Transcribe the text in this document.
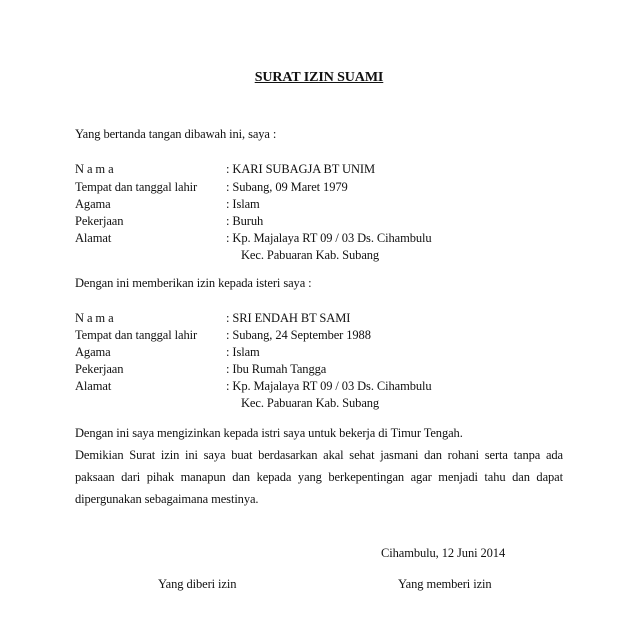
SURAT IZIN SUAMI
Yang bertanda tangan dibawah ini, saya :
N a m a	: KARI SUBAGJA BT UNIM
Tempat dan tanggal lahir : Subang, 09 Maret 1979
Agama	: Islam
Pekerjaan	: Buruh
Alamat	: Kp. Majalaya RT 09 / 03 Ds. Cihambulu
Kec. Pabuaran Kab. Subang
Dengan ini memberikan izin kepada isteri saya :
N a m a	: SRI ENDAH BT SAMI
Tempat dan tanggal lahir : Subang, 24 September 1988
Agama	: Islam
Pekerjaan	: Ibu Rumah Tangga
Alamat	: Kp. Majalaya RT 09 / 03 Ds. Cihambulu
Kec. Pabuaran Kab. Subang
Dengan ini saya mengizinkan kepada istri saya untuk bekerja di Timur Tengah.
Demikian Surat izin ini saya buat berdasarkan akal sehat jasmani dan rohani serta tanpa ada
paksaan dari pihak manapun dan kepada yang berkepentingan agar menjadi tahu dan dapat
dipergunakan sebagaimana mestinya.
Cihambulu, 12 Juni 2014
Yang diberi izin	Yang memberi izin
